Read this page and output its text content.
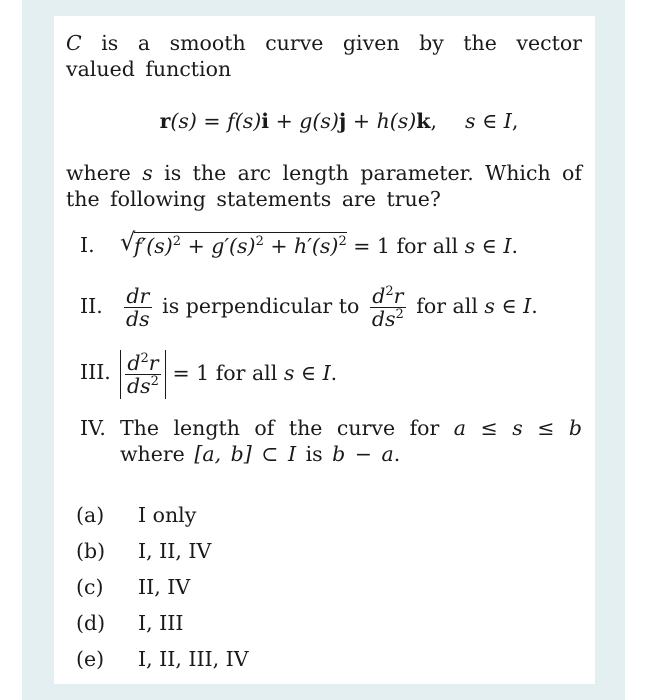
C is a smooth curve given by the vector valued function

r(s) = f(s)i + g(s)j + h(s)k, s ∈ I,

where s is the arc length parameter. Which of the following statements are true?

I. √
$f'(s)^2 + g'(s)^2 + h'(s)^2 = 1$ for all s ∈ I.
II. $\frac{dr}{ds}$ is perpendicular to $\frac{d^2r}{ds^2}$ for all s ∈ I.
III. $\frac{d^2r}{ds^2} = 1$ for all s ∈ I.
IV. The length of the curve for a ≤ s ≤ b where [a, b] ⊂ I is b − a.
(a) I only
(b) I, II, IV
(c) II, IV
(d) I, III
(e) I, II, III, IV
